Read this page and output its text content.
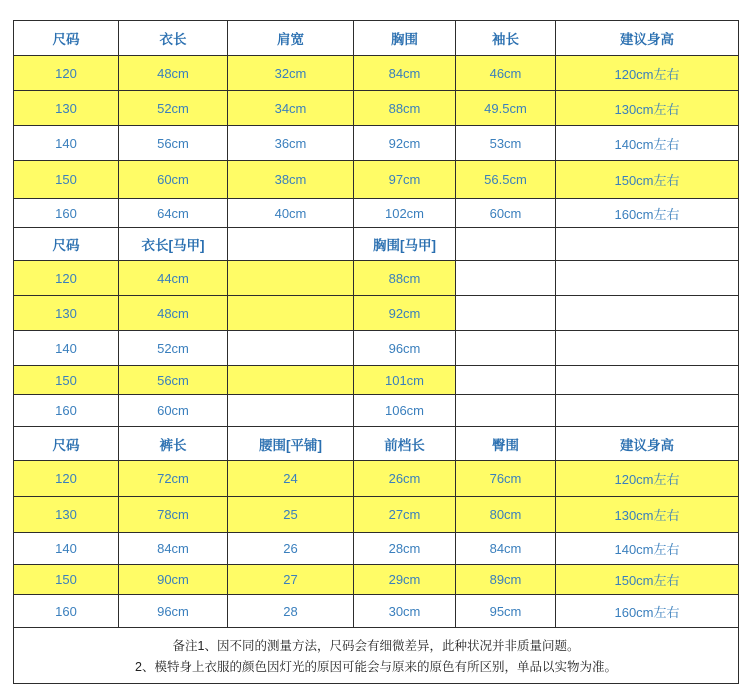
尺码	衣长	肩宽	胸围	袖长	建议身高
120	48cm	32cm	84cm	46cm	120cm左右
130	52cm	34cm	88cm	49.5cm	130cm左右
140	56cm	36cm	92cm	53cm	140cm左右
150	60cm	38cm	97cm	56.5cm	150cm左右
160	64cm	40cm	102cm	60cm	160cm左右
尺码	衣长[马甲]		胸围[马甲]		
120	44cm		88cm		
130	48cm		92cm		
140	52cm		96cm		
150	56cm		101cm		
160	60cm		106cm		
尺码	裤长	腰围[平铺]	前档长	臀围	建议身高
120	72cm	24	26cm	76cm	120cm左右
130	78cm	25	27cm	80cm	130cm左右
140	84cm	26	28cm	84cm	140cm左右
150	90cm	27	29cm	89cm	150cm左右
160	96cm	28	30cm	95cm	160cm左右

备注1、因不同的测量方法，尺码会有细微差异，此种状况并非质量问题。
2、模特身上衣服的颜色因灯光的原因可能会与原来的原色有所区别，单品以实物为准。					
